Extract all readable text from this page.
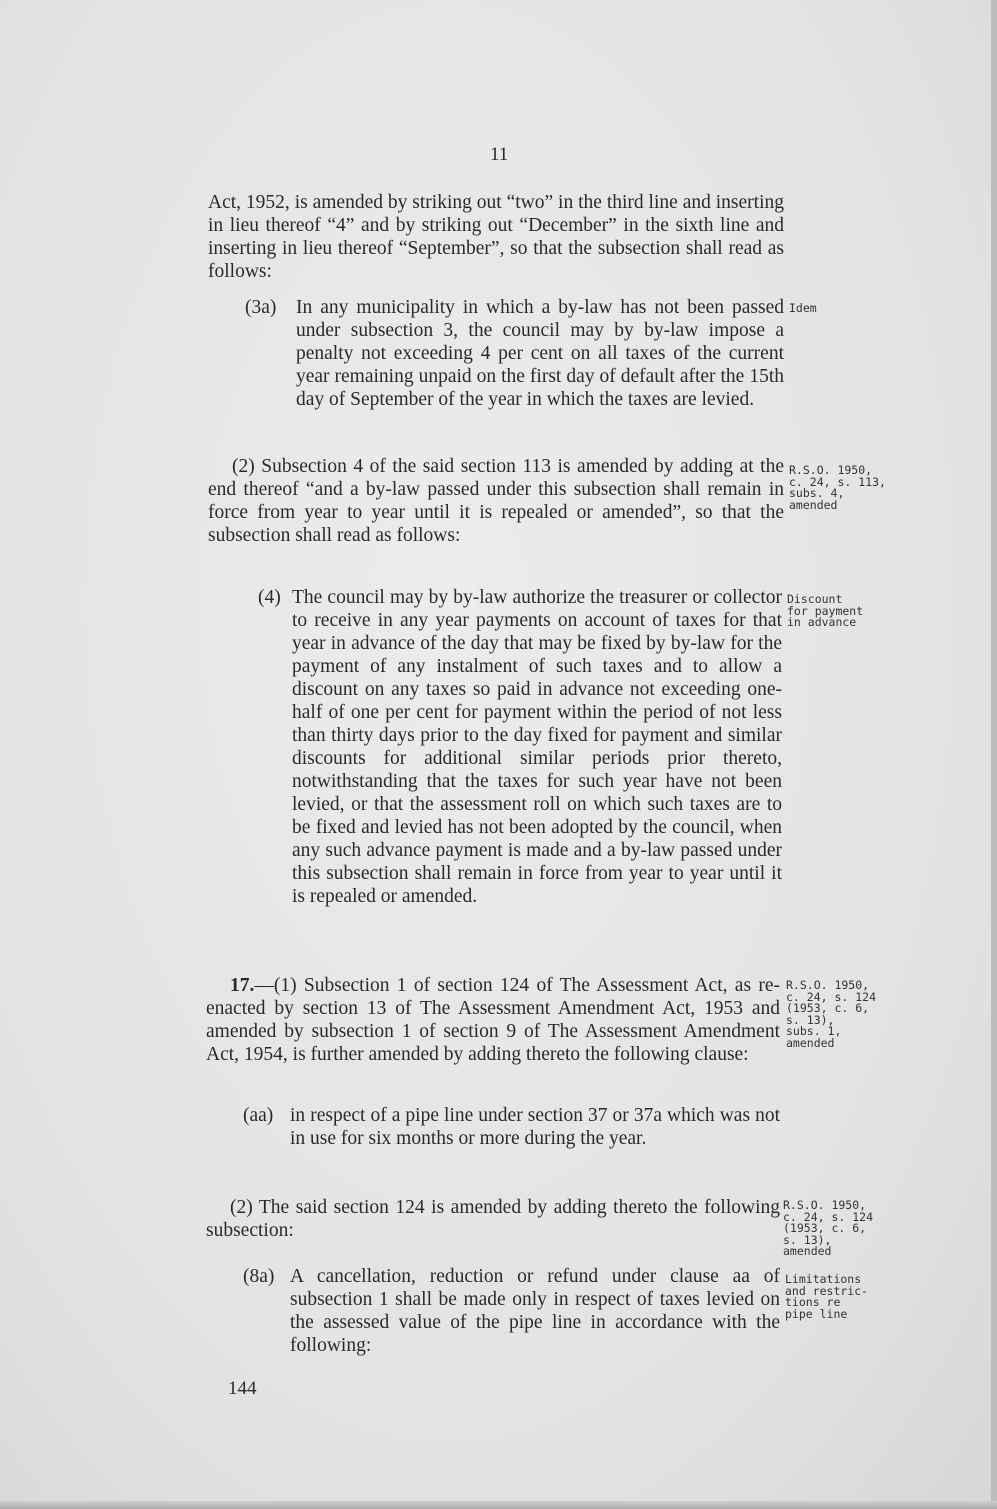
11

Act, 1952, is amended by striking out “two” in the third line and inserting in lieu thereof “4” and by striking out “December” in the sixth line and inserting in lieu thereof “September”, so that the subsection shall read as follows:

(3a) In any municipality in which a by-law has not been passed under subsection 3, the council may by by-law impose a penalty not exceeding 4 per cent on all taxes of the current year remaining unpaid on the first day of default after the 15th day of September of the year in which the taxes are levied.

Idem

(2) Subsection 4 of the said section 113 is amended by adding at the end thereof “and a by-law passed under this subsection shall remain in force from year to year until it is repealed or amended”, so that the subsection shall read as follows:

R.S.O. 1950,
c. 24, s. 113,
subs. 4,
amended
(4) The council may by by-law authorize the treasurer or collector to receive in any year payments on account of taxes for that year in advance of the day that may be fixed by by-law for the payment of any instalment of such taxes and to allow a discount on any taxes so paid in advance not exceeding one-half of one per cent for payment within the period of not less than thirty days prior to the day fixed for payment and similar discounts for additional similar periods prior thereto, notwithstanding that the taxes for such year have not been levied, or that the assessment roll on which such taxes are to be fixed and levied has not been adopted by the council, when any such advance payment is made and a by-law passed under this subsection shall remain in force from year to year until it is repealed or amended.

Discount
for payment
in advance

17.—(1) Subsection 1 of section 124 of The Assessment Act, as re-enacted by section 13 of The Assessment Amendment Act, 1953 and amended by subsection 1 of section 9 of The Assessment Amendment Act, 1954, is further amended by adding thereto the following clause:

R.S.O. 1950,
c. 24, s. 124
(1953, c. 6,
s. 13),
subs. 1,
amended
(aa) in respect of a pipe line under section 37 or 37a which was not in use for six months or more during the year.

(2) The said section 124 is amended by adding thereto the following subsection:

R.S.O. 1950,
c. 24, s. 124
(1953, c. 6,
s. 13),
amended
(8a) A cancellation, reduction or refund under clause aa of subsection 1 shall be made only in respect of taxes levied on the assessed value of the pipe line in accordance with the following:

Limitations
and restric-
tions re
pipe line
144
